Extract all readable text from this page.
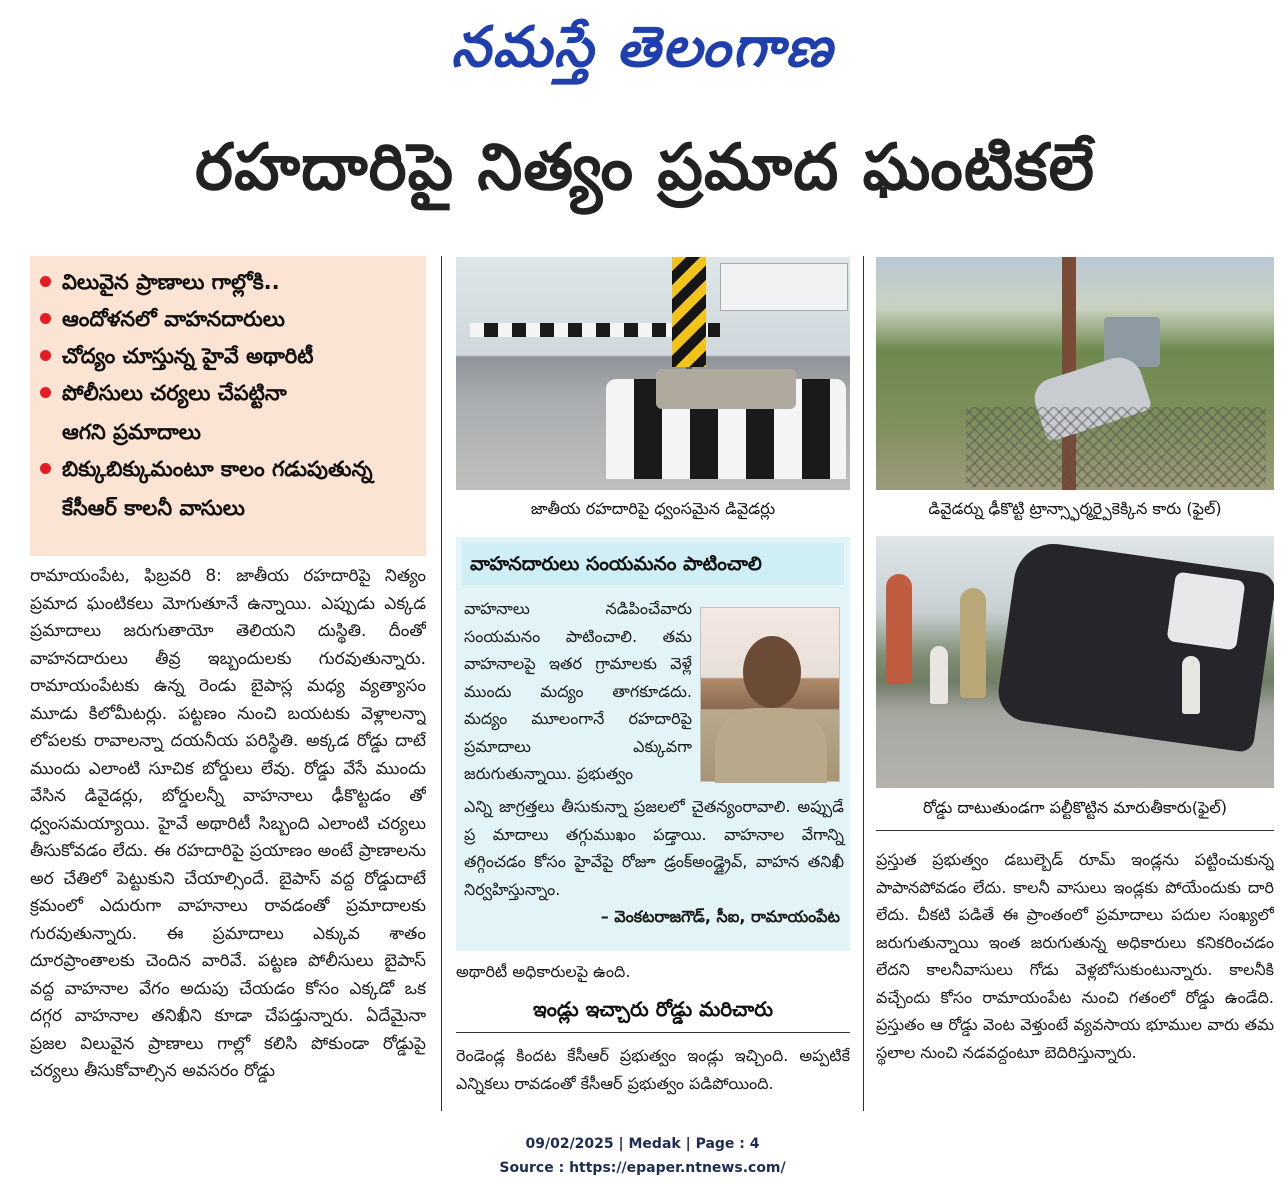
నమస్తే తెలంగాణ
రహదారిపై నిత్యం ప్రమాద ఘంటికలే
విలువైన ప్రాణాలు గాల్లోకి..
ఆందోళనలో వాహనదారులు
చోద్యం చూస్తున్న హైవే అథారిటీ
పోలీసులు చర్యలు చేపట్టినా
ఆగని ప్రమాదాలు
బిక్కుబిక్కుమంటూ కాలం గడుపుతున్న
కేసీఆర్ కాలనీ వాసులు
రామాయంపేట, ఫిబ్రవరి 8: జాతీయ రహదారిపై నిత్యం ప్రమాద ఘంటికలు మోగుతూనే ఉన్నాయి. ఎప్పుడు ఎక్కడ ప్రమాదాలు జరుగుతాయో తెలియని దుస్థితి. దీంతో వాహనదారులు తీవ్ర ఇబ్బందులకు గురవుతున్నారు. రామాయంపేటకు ఉన్న రెండు బైపాస్ల మధ్య వ్యత్యాసం మూడు కిలోమీటర్లు. పట్టణం నుంచి బయటకు వెళ్లాలన్నా లోపలకు రావాలన్నా దయనీయ పరిస్థితి. అక్కడ రోడ్డు దాటే ముందు ఎలాంటి సూచిక బోర్డులు లేవు. రోడ్డు వేసే ముందు వేసిన డివైడర్లు, బోర్డులన్నీ వాహనాలు ఢీకొట్టడం తో ధ్వంసమయ్యాయి. హైవే అథారిటీ సిబ్బంది ఎలాంటి చర్యలు తీసుకోవడం లేదు. ఈ రహదారిపై ప్రయాణం అంటే ప్రాణాలను అర చేతిలో పెట్టుకుని చేయాల్సిందే. బైపాస్ వద్ద రోడ్డుదాటే క్రమంలో ఎదురుగా వాహనాలు రావడంతో ప్రమాదాలకు గురవుతున్నారు. ఈ ప్రమాదాలు ఎక్కువ శాతం దూరప్రాంతాలకు చెందిన వారివే. పట్టణ పోలీసులు బైపాస్ వద్ద వాహనాల వేగం అదుపు చేయడం కోసం ఎక్కడో ఒక దగ్గర వాహనాల తనిఖీని కూడా చేపడ్తున్నారు. ఏదేమైనా ప్రజల విలువైన ప్రాణాలు గాల్లో కలిసి పోకుండా రోడ్డుపై చర్యలు తీసుకోవాల్సిన అవసరం రోడ్డు
జాతీయ రహదారిపై ధ్వంసమైన డివైడర్లు	డివైడర్ను ఢీకొట్టి ట్రాన్స్ఫార్మర్పైకెక్కిన కారు (ఫైల్)
వాహనదారులు సంయమనం పాటించాలి
వాహనాలు నడిపించేవారు సంయమనం పాటించాలి. తమ వాహనాలపై ఇతర గ్రామాలకు వెళ్లే ముందు మద్యం తాగకూడదు. మద్యం మూలంగానే రహదారిపై ప్రమాదాలు ఎక్కువగా జరుగుతున్నాయి. ప్రభుత్వం
ఎన్ని జాగ్రత్తలు తీసుకున్నా ప్రజలలో చైతన్యంరావాలి. అప్పుడే ప్ర మాదాలు తగ్గుముఖం పడ్తాయి. వాహనాల వేగాన్ని తగ్గించడం కోసం హైవేపై రోజూ డ్రంక్అండ్డ్రైవ్, వాహన తనిఖీ నిర్వహిస్తున్నాం.
– వెంకటరాజగౌడ్, సీఐ, రామాయంపేట
అథారిటీ అధికారులపై ఉంది.
ఇండ్లు ఇచ్చారు రోడ్డు మరిచారు
రెండెండ్ల కిందట కేసీఆర్ ప్రభుత్వం ఇండ్లు ఇచ్చింది. అప్పటికే ఎన్నికలు రావడంతో కేసీఆర్ ప్రభుత్వం పడిపోయింది.
రోడ్డు దాటుతుండగా పల్టీకొట్టిన మారుతీకారు(ఫైల్)
ప్రస్తుత ప్రభుత్వం డబుల్బెడ్ రూమ్ ఇండ్లను పట్టించుకున్న పాపానపోవడం లేదు. కాలనీ వాసులు ఇండ్లకు పోయేందుకు దారి లేదు. చీకటి పడితే ఈ ప్రాంతంలో ప్రమాదాలు పదుల సంఖ్యలో జరుగుతున్నాయి ఇంత జరుగుతున్న అధికారులు కనికరించడం లేదని కాలనీవాసులు గోడు వెళ్లబోసుకుంటున్నారు. కాలనీకి వచ్చేందు కోసం రామాయంపేట నుంచి గతంలో రోడ్డు ఉండేది. ప్రస్తుతం ఆ రోడ్డు వెంట వెళ్తుంటే వ్యవసాయ భూముల వారు తమ స్థలాల నుంచి నడవద్దంటూ బెదిరిస్తున్నారు.
09/02/2025 | Medak | Page : 4
Source : https://epaper.ntnews.com/
